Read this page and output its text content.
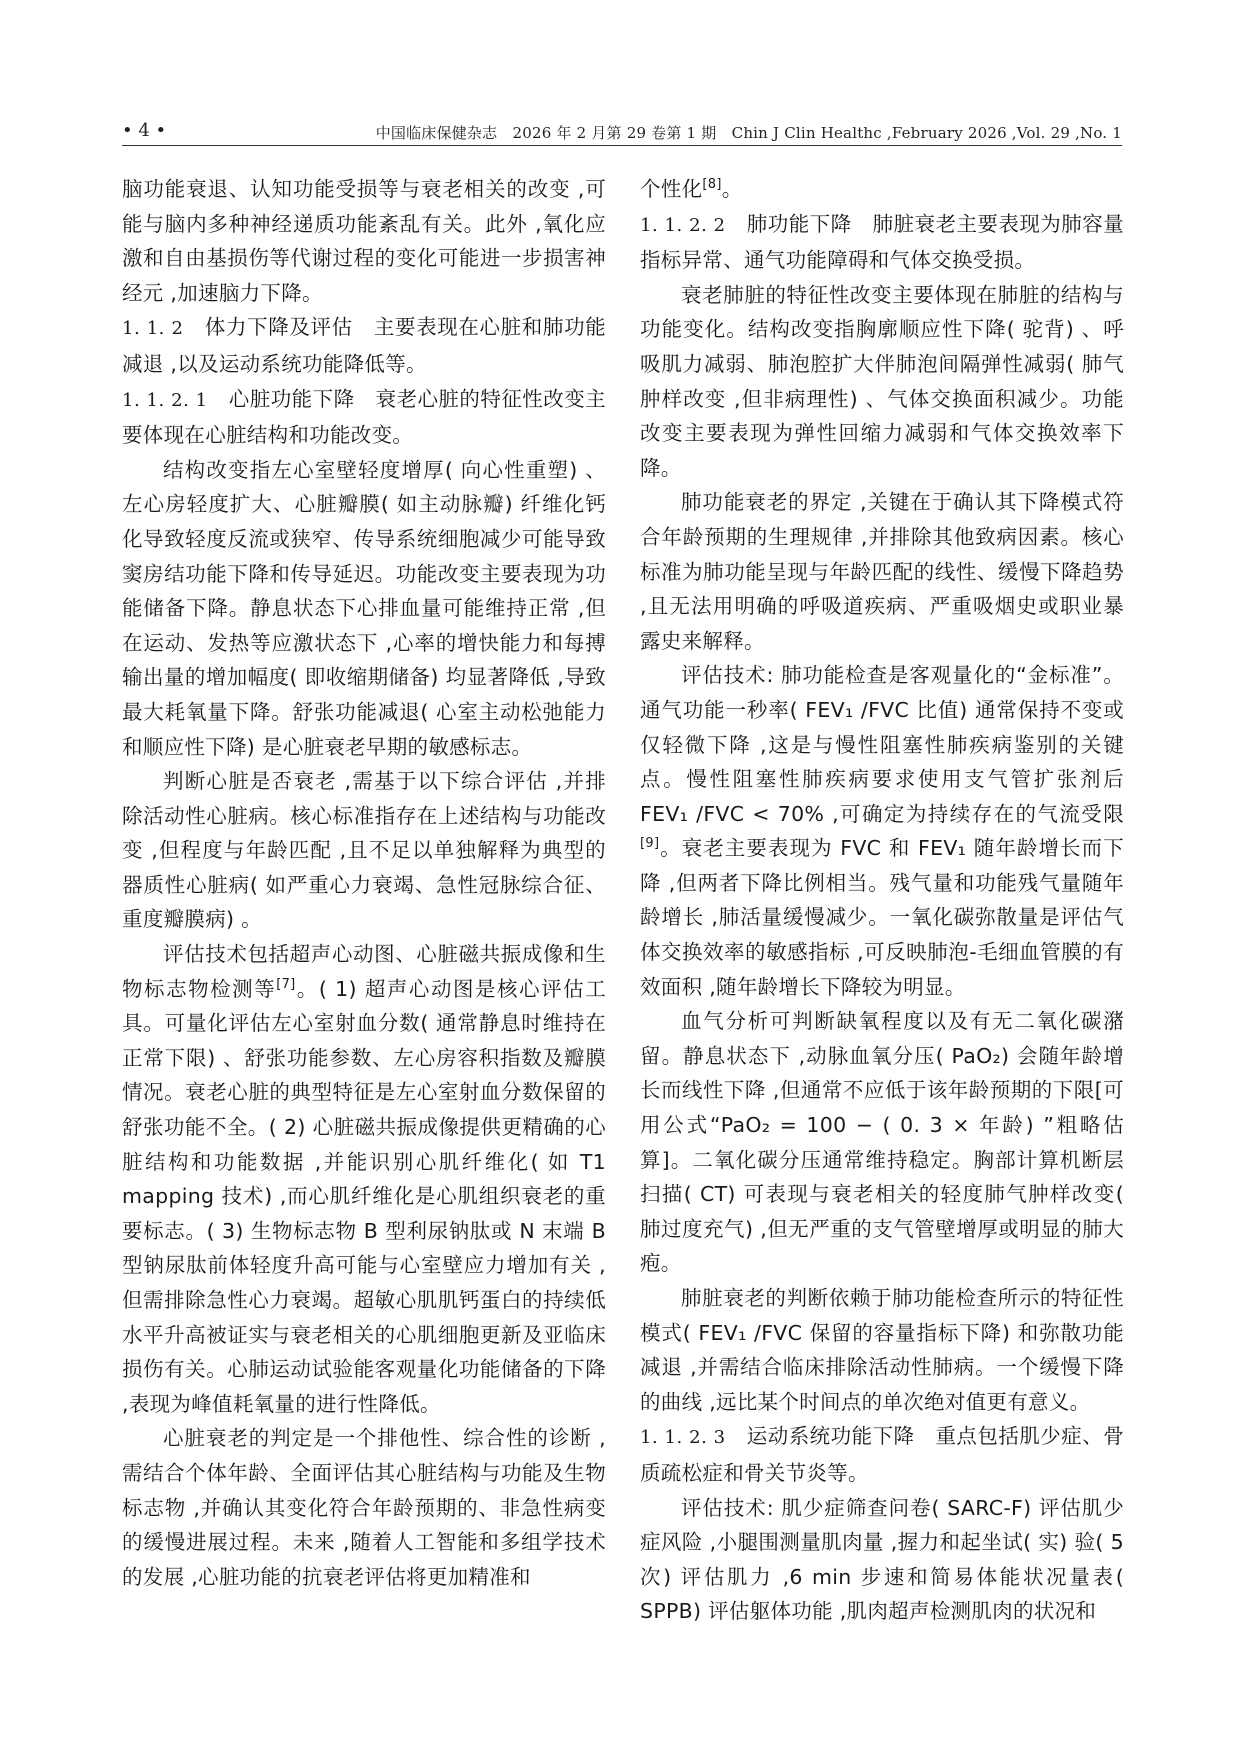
• 4 •	中国临床保健杂志　2026 年 2 月第 29 卷第 1 期　Chin J Clin Healthc ,February 2026 ,Vol. 29 ,No. 1

脑功能衰退、认知功能受损等与衰老相关的改变 ,可能与脑内多种神经递质功能紊乱有关。此外 ,氧化应激和自由基损伤等代谢过程的变化可能进一步损害神经元 ,加速脑力下降。

1. 1. 2　体力下降及评估　主要表现在心脏和肺功能减退 ,以及运动系统功能降低等。

1. 1. 2. 1　心脏功能下降　衰老心脏的特征性改变主要体现在心脏结构和功能改变。

结构改变指左心室壁轻度增厚( 向心性重塑) 、左心房轻度扩大、心脏瓣膜( 如主动脉瓣) 纤维化钙化导致轻度反流或狭窄、传导系统细胞减少可能导致窦房结功能下降和传导延迟。功能改变主要表现为功能储备下降。静息状态下心排血量可能维持正常 ,但在运动、发热等应激状态下 ,心率的增快能力和每搏输出量的增加幅度( 即收缩期储备) 均显著降低 ,导致最大耗氧量下降。舒张功能减退( 心室主动松弛能力和顺应性下降) 是心脏衰老早期的敏感标志。

判断心脏是否衰老 ,需基于以下综合评估 ,并排除活动性心脏病。核心标准指存在上述结构与功能改变 ,但程度与年龄匹配 ,且不足以单独解释为典型的器质性心脏病( 如严重心力衰竭、急性冠脉综合征、重度瓣膜病) 。

评估技术包括超声心动图、心脏磁共振成像和生物标志物检测等[7]。( 1) 超声心动图是核心评估工具。可量化评估左心室射血分数( 通常静息时维持在正常下限) 、舒张功能参数、左心房容积指数及瓣膜情况。衰老心脏的典型特征是左心室射血分数保留的舒张功能不全。( 2) 心脏磁共振成像提供更精确的心脏结构和功能数据 ,并能识别心肌纤维化( 如 T1 mapping 技术) ,而心肌纤维化是心肌组织衰老的重要标志。( 3) 生物标志物 B 型利尿钠肽或 N 末端 B 型钠尿肽前体轻度升高可能与心室壁应力增加有关 ,但需排除急性心力衰竭。超敏心肌肌钙蛋白的持续低水平升高被证实与衰老相关的心肌细胞更新及亚临床损伤有关。心肺运动试验能客观量化功能储备的下降 ,表现为峰值耗氧量的进行性降低。

心脏衰老的判定是一个排他性、综合性的诊断 ,需结合个体年龄、全面评估其心脏结构与功能及生物标志物 ,并确认其变化符合年龄预期的、非急性病变的缓慢进展过程。未来 ,随着人工智能和多组学技术的发展 ,心脏功能的抗衰老评估将更加精准和

个性化[8]。

1. 1. 2. 2　肺功能下降　肺脏衰老主要表现为肺容量指标异常、通气功能障碍和气体交换受损。

衰老肺脏的特征性改变主要体现在肺脏的结构与功能变化。结构改变指胸廓顺应性下降( 驼背) 、呼吸肌力减弱、肺泡腔扩大伴肺泡间隔弹性减弱( 肺气肿样改变 ,但非病理性) 、气体交换面积减少。功能改变主要表现为弹性回缩力减弱和气体交换效率下降。

肺功能衰老的界定 ,关键在于确认其下降模式符合年龄预期的生理规律 ,并排除其他致病因素。核心标准为肺功能呈现与年龄匹配的线性、缓慢下降趋势 ,且无法用明确的呼吸道疾病、严重吸烟史或职业暴露史来解释。

评估技术: 肺功能检查是客观量化的“金标准”。通气功能一秒率( FEV₁ /FVC 比值) 通常保持不变或仅轻微下降 ,这是与慢性阻塞性肺疾病鉴别的关键点。慢性阻塞性肺疾病要求使用支气管扩张剂后 FEV₁ /FVC < 70% ,可确定为持续存在的气流受限[9]。衰老主要表现为 FVC 和 FEV₁ 随年龄增长而下降 ,但两者下降比例相当。残气量和功能残气量随年龄增长 ,肺活量缓慢减少。一氧化碳弥散量是评估气体交换效率的敏感指标 ,可反映肺泡-毛细血管膜的有效面积 ,随年龄增长下降较为明显。

血气分析可判断缺氧程度以及有无二氧化碳潴留。静息状态下 ,动脉血氧分压( PaO₂) 会随年龄增长而线性下降 ,但通常不应低于该年龄预期的下限[可用公式“PaO₂ = 100 − ( 0. 3 × 年龄) ”粗略估算]。二氧化碳分压通常维持稳定。胸部计算机断层扫描( CT) 可表现与衰老相关的轻度肺气肿样改变( 肺过度充气) ,但无严重的支气管壁增厚或明显的肺大疱。

肺脏衰老的判断依赖于肺功能检查所示的特征性模式( FEV₁ /FVC 保留的容量指标下降) 和弥散功能减退 ,并需结合临床排除活动性肺病。一个缓慢下降的曲线 ,远比某个时间点的单次绝对值更有意义。

1. 1. 2. 3　运动系统功能下降　重点包括肌少症、骨质疏松症和骨关节炎等。

评估技术: 肌少症筛查问卷( SARC-F) 评估肌少症风险 ,小腿围测量肌肉量 ,握力和起坐试( 实) 验( 5 次) 评估肌力 ,6 min 步速和简易体能状况量表( SPPB) 评估躯体功能 ,肌肉超声检测肌肉的状况和
